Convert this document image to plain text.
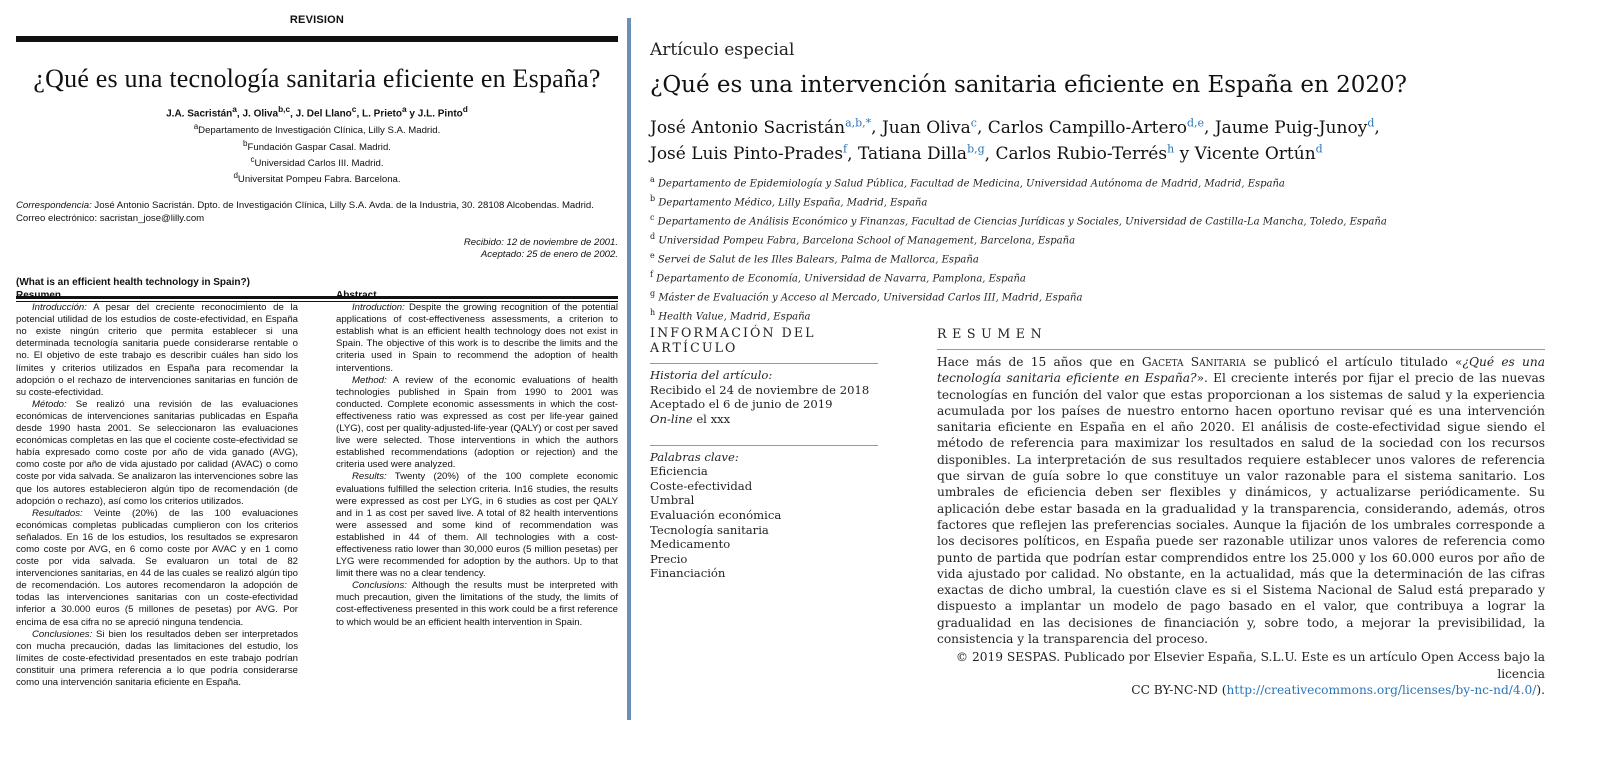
REVISION
¿Qué es una tecnología sanitaria eficiente en España?
J.A. Sacristán$^a$, J. Oliva$^{b,c}$, J. Del Llano$^c$, L. Prieto$^a$ y J.L. Pinto$^d$
$^a$Departamento de Investigación Clínica, Lilly S.A. Madrid.
$^b$Fundación Gaspar Casal. Madrid.
$^c$Universidad Carlos III. Madrid.
$^d$Universitat Pompeu Fabra. Barcelona.
Correspondencia: José Antonio Sacristán. Dpto. de Investigación Clínica, Lilly S.A. Avda. de la Industria, 30. 28108 Alcobendas. Madrid.
Correo electrónico: sacristan_jose@lilly.com
Recibido: 12 de noviembre de 2001.
Aceptado: 25 de enero de 2002.
(What is an efficient health technology in Spain?)
Resumen

Introducción: A pesar del creciente reconocimiento de la potencial utilidad de los estudios de coste-efectividad, en España no existe ningún criterio que permita establecer si una determinada tecnología sanitaria puede considerarse rentable o no. El objetivo de este trabajo es describir cuáles han sido los límites y criterios utilizados en España para recomendar la adopción o el rechazo de intervenciones sanitarias en función de su coste-efectividad.

Método: Se realizó una revisión de las evaluaciones económicas de intervenciones sanitarias publicadas en España desde 1990 hasta 2001. Se seleccionaron las evaluaciones económicas completas en las que el cociente coste-efectividad se había expresado como coste por año de vida ganado (AVG), como coste por año de vida ajustado por calidad (AVAC) o como coste por vida salvada. Se analizaron las intervenciones sobre las que los autores establecieron algún tipo de recomendación (de adopción o rechazo), así como los criterios utilizados.

Resultados: Veinte (20%) de las 100 evaluaciones económicas completas publicadas cumplieron con los criterios señalados. En 16 de los estudios, los resultados se expresaron como coste por AVG, en 6 como coste por AVAC y en 1 como coste por vida salvada. Se evaluaron un total de 82 intervenciones sanitarias, en 44 de las cuales se realizó algún tipo de recomendación. Los autores recomendaron la adopción de todas las intervenciones sanitarias con un coste-efectividad inferior a 30.000 euros (5 millones de pesetas) por AVG. Por encima de esa cifra no se apreció ninguna tendencia.

Conclusiones: Si bien los resultados deben ser interpretados con mucha precaución, dadas las limitaciones del estudio, los límites de coste-efectividad presentados en este trabajo podrían constituir una primera referencia a lo que podría considerarse como una intervención sanitaria eficiente en España.

Abstract

Introduction: Despite the growing recognition of the potential applications of cost-effectiveness assessments, a criterion to establish what is an efficient health technology does not exist in Spain. The objective of this work is to describe the limits and the criteria used in Spain to recommend the adoption of health interventions.

Method: A review of the economic evaluations of health technologies published in Spain from 1990 to 2001 was conducted. Complete economic assessments in which the cost-effectiveness ratio was expressed as cost per life-year gained (LYG), cost per quality-adjusted-life-year (QALY) or cost per saved live were selected. Those interventions in which the authors established recommendations (adoption or rejection) and the criteria used were analyzed.

Results: Twenty (20%) of the 100 complete economic evaluations fulfilled the selection criteria. In16 studies, the results were expressed as cost per LYG, in 6 studies as cost per QALY and in 1 as cost per saved live. A total of 82 health interventions were assessed and some kind of recommendation was established in 44 of them. All technologies with a cost-effectiveness ratio lower than 30,000 euros (5 million pesetas) per LYG were recommended for adoption by the authors. Up to that limit there was no a clear tendency.

Conclusions: Although the results must be interpreted with much precaution, given the limitations of the study, the limits of cost-effectiveness presented in this work could be a first reference to which would be an efficient health intervention in Spain.

Artículo especial
¿Qué es una intervención sanitaria eficiente en España en 2020?
José Antonio Sacristán$^{a,b,*}$, Juan Oliva$^c$, Carlos Campillo-Artero$^{d,e}$, Jaume Puig-Junoy$^d$,
José Luis Pinto-Prades$^f$, Tatiana Dilla$^{b,g}$, Carlos Rubio-Terrés$^h$ y Vicente Ortún$^d$
$^a$ Departamento de Epidemiología y Salud Pública, Facultad de Medicina, Universidad Autónoma de Madrid, Madrid, España
$^b$ Departamento Médico, Lilly España, Madrid, España
$^c$ Departamento de Análisis Económico y Finanzas, Facultad de Ciencias Jurídicas y Sociales, Universidad de Castilla-La Mancha, Toledo, España
$^d$ Universidad Pompeu Fabra, Barcelona School of Management, Barcelona, España
$^e$ Servei de Salut de les Illes Balears, Palma de Mallorca, España
$^f$ Departamento de Economía, Universidad de Navarra, Pamplona, España
$^g$ Máster de Evaluación y Acceso al Mercado, Universidad Carlos III, Madrid, España
$^h$ Health Value, Madrid, España
INFORMACIÓN DEL ARTÍCULO
Historia del artículo:
Recibido el 24 de noviembre de 2018
Aceptado el 6 de junio de 2019
On-line el xxx
Palabras clave:
Eficiencia
Coste-efectividad
Umbral
Evaluación económica
Tecnología sanitaria
Medicamento
Precio
Financiación
RESUMEN

Hace más de 15 años que en Gaceta Sanitaria se publicó el artículo titulado «¿Qué es una tecnología sanitaria eficiente en España?». El creciente interés por fijar el precio de las nuevas tecnologías en función del valor que estas proporcionan a los sistemas de salud y la experiencia acumulada por los países de nuestro entorno hacen oportuno revisar qué es una intervención sanitaria eficiente en España en el año 2020. El análisis de coste-efectividad sigue siendo el método de referencia para maximizar los resultados en salud de la sociedad con los recursos disponibles. La interpretación de sus resultados requiere establecer unos valores de referencia que sirvan de guía sobre lo que constituye un valor razonable para el sistema sanitario. Los umbrales de eficiencia deben ser flexibles y dinámicos, y actualizarse periódicamente. Su aplicación debe estar basada en la gradualidad y la transparencia, considerando, además, otros factores que reflejen las preferencias sociales. Aunque la fijación de los umbrales corresponde a los decisores políticos, en España puede ser razonable utilizar unos valores de referencia como punto de partida que podrían estar comprendidos entre los 25.000 y los 60.000 euros por año de vida ajustado por calidad. No obstante, en la actualidad, más que la determinación de las cifras exactas de dicho umbral, la cuestión clave es si el Sistema Nacional de Salud está preparado y dispuesto a implantar un modelo de pago basado en el valor, que contribuya a lograr la gradualidad en las decisiones de financiación y, sobre todo, a mejorar la previsibilidad, la consistencia y la transparencia del proceso.

© 2019 SESPAS. Publicado por Elsevier España, S.L.U. Este es un artículo Open Access bajo la licencia
CC BY-NC-ND (http://creativecommons.org/licenses/by-nc-nd/4.0/).
